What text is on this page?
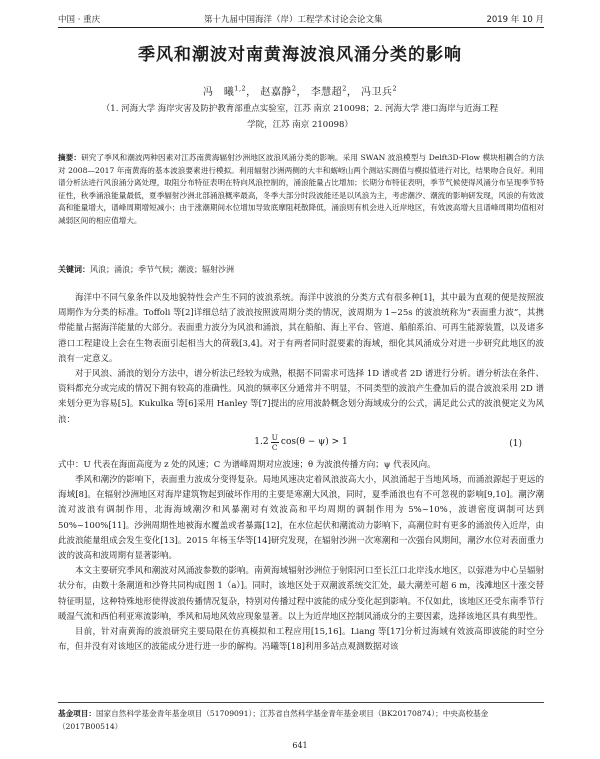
中国 · 重庆	第十九届中国海洋（岸）工程学术讨论会论文集	2019 年 10 月
季风和潮波对南黄海波浪风涌分类的影响
冯　曦$^{1,2}$， 赵嘉静$^2$， 李慧超$^2$， 冯卫兵$^2$
（1. 河海大学 海岸灾害及防护教育部重点实验室，江苏 南京 210098；2. 河海大学 港口海岸与近海工程
学院，江苏 南京 210098）
摘要：研究了季风和潮波两种因素对江苏南黄海辐射沙洲地区波浪风涌分类的影响。采用 SWAN 波浪模型与 Delft3D-Flow 模块相耦合的方法对 2008—2017 年南黄海的基本波浪要素进行模拟。利用辐射沙洲两侧的大丰和蛎岈山两个测站实测值与模拟值进行对比，结果吻合良好。利用谱分析法进行风浪涌分离处理，取阻分布特征表明在特向风浪控制的，涌浪能量占比增加；长期分布特征表明，季节气候使得风涌分布呈现季节特征性，秋季涌浪能量最低，夏季辐射沙洲北部涌浪概率最高，冬季大部分时段波能还是以风浪为主，考虑潮汐、潮流的影响研发现，风浪的有效波高和能量增大，谱峰周期增短减小；由于涨潮期间水位增加导致底摩阻耗散降低，涌浪则有机会进入近岸地区，有效波高增大且谱峰周期均值相对减弱区间的相应值增大。
关键词：风浪；涌浪；季节气候；潮波；辐射沙洲

海洋中不同气象条件以及地貌特性会产生不同的波浪系统。海洋中波浪的分类方式有很多种[1]，其中最为直观的便是按照波周期作为分类的标准。Toffoli 等[2]详细总结了波浪按照波周期分类的情况，波周期为 1~25s 的波浪统称为“表面重力波”，其携带能量占据海洋能量的大部分。表面重力波分为风浪和涌浪，其在船舶、海上平台、管道、船舶系泊、可再生能源装置，以及诸多港口工程建设上会在生物表面引起相当大的荷载[3,4]。对于有两者同时混要素的海域，细化其风涌成分对进一步研究此地区的波浪有一定意义。

对于风浪、涌浪的划分方法中，谱分析法已经较为成熟，根据不同需求可选择 1D 谱或者 2D 谱进行分析。谱分析法在条件、资料都充分或完成的情况下拥有较高的准确性。风浪的频率区分通常并不明显，不同类型的波浪产生叠加后的混合波浪采用 2D 谱来划分更为容易[5]。Kukulka 等[6]采用 Hanley 等[7]提出的应用波龄概念划分海域成分的公式，满足此公式的波浪便定义为风浪：

$1.2 \frac{U}{C} \cos(\theta - \psi) > 1$	(1)

式中：U 代表在海面高度为 z 处的风速；C 为谱峰周期对应波速；θ 为波浪传播方向；ψ 代表风向。

季风和潮汐的影响下，表面重力波成分变得复杂。局地风速决定着风浪波高大小，风浪涌起于当地风场，而涌浪源起于更远的海域[8]。在辐射沙洲地区对海岸建筑物起到破坏作用的主要是寒潮大风浪，同时，夏季涌浪也有不可忽视的影响[9,10]。潮汐潮流对波浪有调制作用，北海海域潮汐和风暴潮对有效波高和平均周期的调制作用为 5%~10%，波谱密度调制可达到 50%~100%[11]。沙洲周期性地被海水覆盖或者暴露[12]，在水位起伏和潮流动力影响下，高潮位时有更多的涌浪传入近岸，由此波浪能量组成会发生变化[13]。2015 年杨玉华等[14]研究发现，在辐射沙洲一次寒潮和一次强台风期间，潮汐水位对表面重力波的波高和波周期有显著影响。

本文主要研究季风和潮波对风涌波参数的影响。南黄海域辐射沙洲位于射阳河口至长江口北岸浅水地区，以弶港为中心呈辐射状分布，由数十条潮道和沙脊共同构成[图 1（a）]。同时，该地区处于双潮波系统交汇处，最大潮差可超 6 m，浅滩地区十涨交替特征明显，这种特殊地形使得波浪传播情况复杂，特别对传播过程中波能的成分变化起到影响。不仅如此，该地区还受东南季节行暖湿气流和西伯利亚寒流影响，季风和局地风效应现象显著。以上为近岸地区控制风涌成分的主要因素，选择该地区具有典型性。

目前，针对南黄海的波浪研究主要局限在仿真模拟和工程应用[15,16]。Liang 等[17]分析过海域有效波高即波能的时空分布，但并没有对该地区的波能成分进行进一步的解构。冯曦等[18]利用多站点观测数据对该

基金项目：国家自然科学基金青年基金项目（51709091）；江苏省自然科学基金青年基金项目（BK20170874）；中央高校基金（2017B00514）
641
